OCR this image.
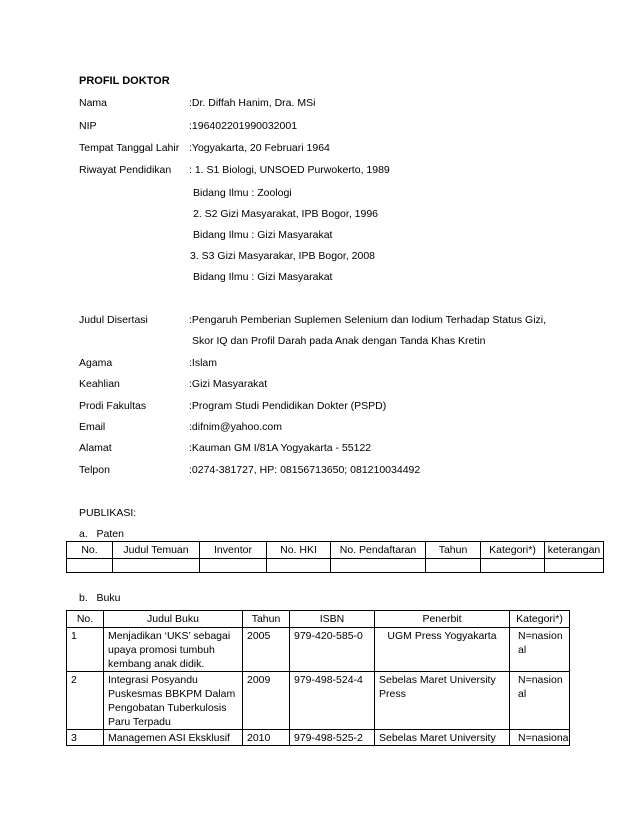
PROFIL DOKTOR
Nama	:Dr. Diffah Hanim, Dra. MSi
NIP	:196402201990032001
Tempat Tanggal Lahir :Yogyakarta, 20 Februari 1964
Riwayat Pendidikan : 1. S1 Biologi, UNSOED Purwokerto, 1989
Bidang Ilmu : Zoologi
2. S2 Gizi Masyarakat, IPB Bogor, 1996
Bidang Ilmu : Gizi Masyarakat
3. S3 Gizi Masyarakar, IPB Bogor, 2008
Bidang Ilmu : Gizi Masyarakat
Judul Disertasi	:Pengaruh Pemberian Suplemen Selenium dan Iodium Terhadap Status Gizi,
Skor IQ dan Profil Darah pada Anak dengan Tanda Khas Kretin
Agama	:Islam
Keahlian	:Gizi Masyarakat
Prodi Fakultas	:Program Studi Pendidikan Dokter (PSPD)
Email	:difnim@yahoo.com
Alamat	:Kauman GM I/81A Yogyakarta - 55122
Telpon	:0274-381727, HP: 08156713650; 081210034492
PUBLIKASI:
a.   Paten
No.	Judul Temuan	Inventor	No. HKI	No. Pendaftaran	Tahun	Kategori*)	keterangan

b.   Buku
No.	Judul Buku	Tahun	ISBN	Penerbit	Kategori*)
1	Menjadikan ‘UKS’ sebagai upaya promosi tumbuh kembang anak didik.	2005	979-420-585-0	UGM Press Yogyakarta	N=nasional
2	Integrasi Posyandu Puskesmas BBKPM Dalam Pengobatan Tuberkulosis Paru Terpadu	2009	979-498-524-4	Sebelas Maret University Press	N=nasional
3	Managemen ASI Eksklusif	2010	979-498-525-2	Sebelas Maret University	N=nasiona
